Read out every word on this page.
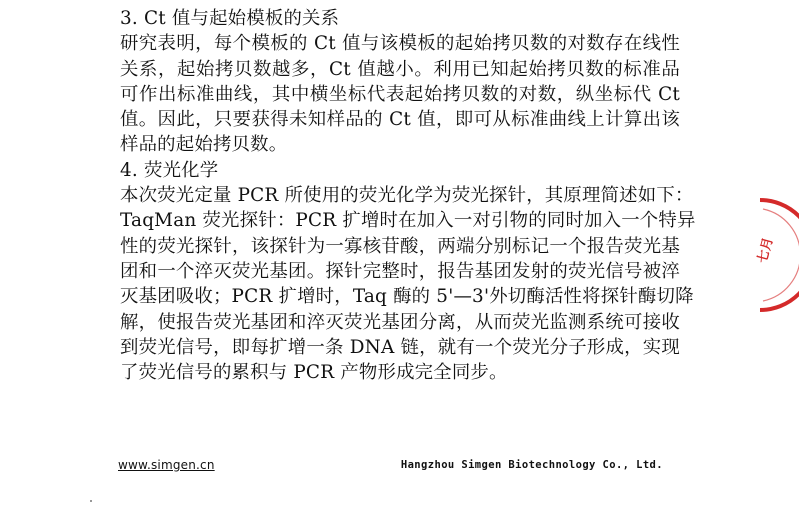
3. Ct 值与起始模板的关系
研究表明，每个模板的 Ct 值与该模板的起始拷贝数的对数存在线性
关系，起始拷贝数越多，Ct 值越小。利用已知起始拷贝数的标准品
可作出标准曲线，其中横坐标代表起始拷贝数的对数，纵坐标代 Ct
值。因此，只要获得未知样品的 Ct 值，即可从标准曲线上计算出该
样品的起始拷贝数。
4. 荧光化学
本次荧光定量 PCR 所使用的荧光化学为荧光探针，其原理简述如下：
TaqMan 荧光探针：PCR 扩增时在加入一对引物的同时加入一个特异
性的荧光探针，该探针为一寡核苷酸，两端分别标记一个报告荧光基
团和一个淬灭荧光基团。探针完整时，报告基团发射的荧光信号被淬
灭基团吸收；PCR 扩增时，Taq 酶的 5'—3'外切酶活性将探针酶切降
解，使报告荧光基团和淬灭荧光基团分离，从而荧光监测系统可接收
到荧光信号，即每扩增一条 DNA 链，就有一个荧光分子形成，实现
了荧光信号的累积与 PCR 产物形成完全同步。
www.simgen.cn	Hangzhou Simgen Biotechnology Co., Ltd.
七月
